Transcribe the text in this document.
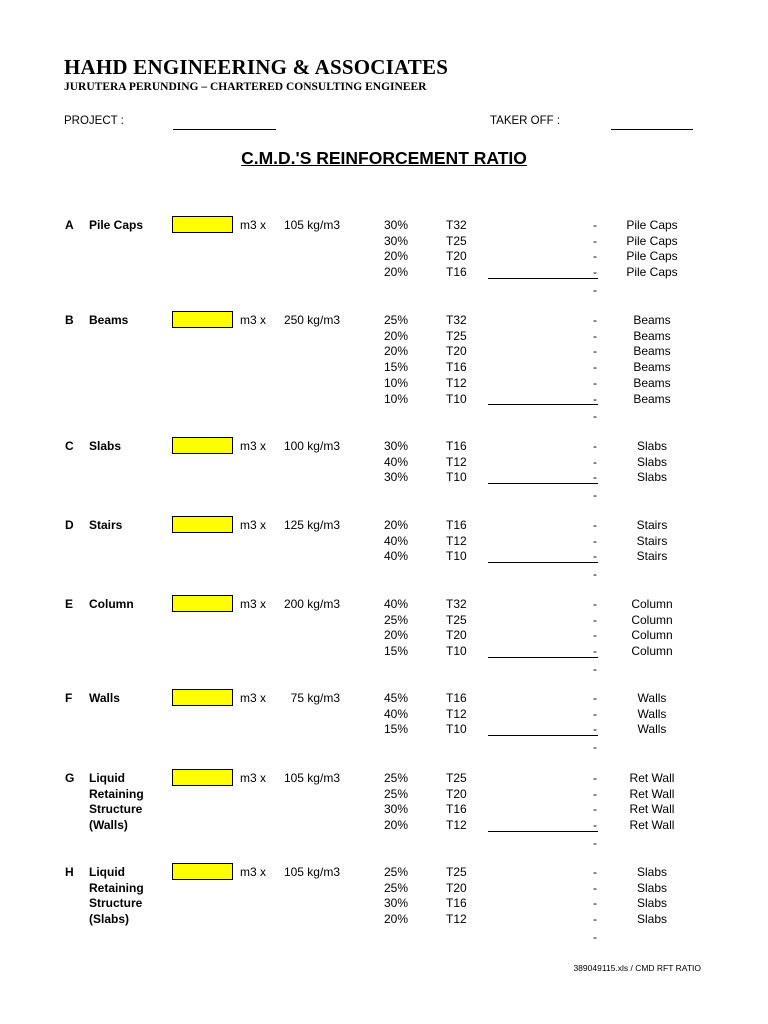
HAHD ENGINEERING & ASSOCIATES
JURUTERA PERUNDING – CHARTERED CONSULTING ENGINEER
PROJECT :	TAKER OFF :
C.M.D.'S REINFORCEMENT RATIO
A Pile Caps	m3 x	105 kg/m3	30%	T32	-	Pile Caps
30%	T25	-	Pile Caps
20%	T20	-	Pile Caps
20%	T16	-	Pile Caps
-
B Beams	m3 x	250 kg/m3	25%	T32	-	Beams
20%	T25	-	Beams
20%	T20	-	Beams
15%	T16	-	Beams
10%	T12	-	Beams
10%	T10	-	Beams
-
C Slabs	m3 x	100 kg/m3	30%	T16	-	Slabs
40%	T12	-	Slabs
30%	T10	-	Slabs
-
D Stairs	m3 x	125 kg/m3	20%	T16	-	Stairs
40%	T12	-	Stairs
40%	T10	-	Stairs
-
E Column	m3 x	200 kg/m3	40%	T32	-	Column
25%	T25	-	Column
20%	T20	-	Column
15%	T10	-	Column
-
F Walls	m3 x	75 kg/m3	45%	T16	-	Walls
40%	T12	-	Walls
15%	T10	-	Walls
-
G Liquid
Retaining
Structure
(Walls)
m3 x	105 kg/m3	25%	T25	-	Ret Wall
25%	T20	-	Ret Wall
30%	T16	-	Ret Wall
20%	T12	-	Ret Wall
-
H Liquid
Retaining
Structure
(Slabs)
m3 x	105 kg/m3	25%	T25	-	Slabs
25%	T20	-	Slabs
30%	T16	-	Slabs
20%	T12	-	Slabs
-
389049115.xls / CMD RFT RATIO
